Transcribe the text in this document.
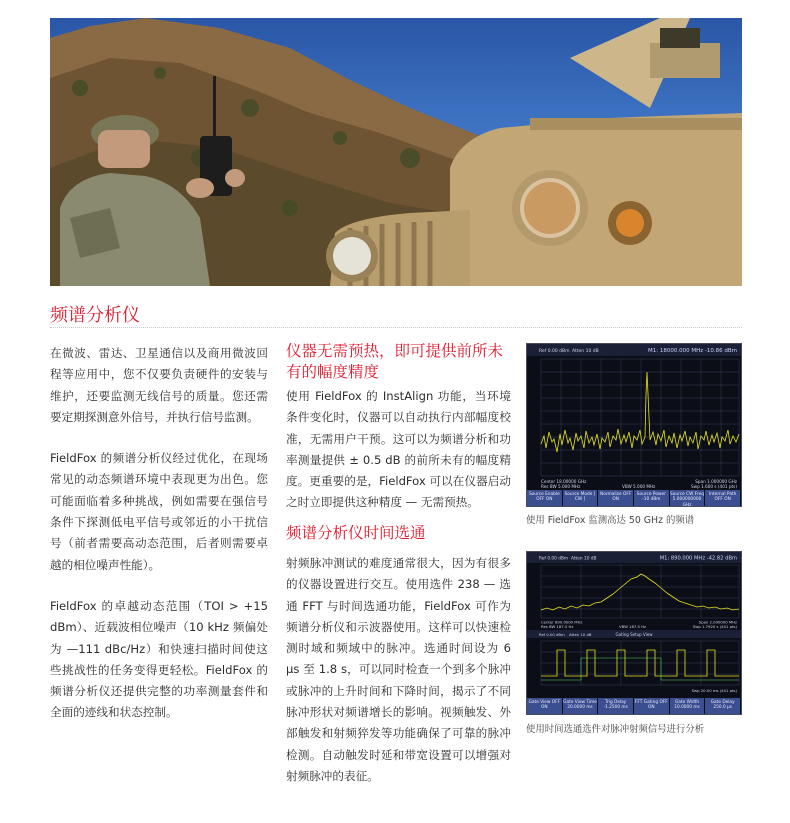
频谱分析仪

在微波、雷达、卫星通信以及商用微波回程等应用中，您不仅要负责硬件的安装与维护，还要监测无线信号的质量。您还需要定期探测意外信号，并执行信号监测。

FieldFox 的频谱分析仪经过优化，在现场常见的动态频谱环境中表现更为出色。您可能面临着多种挑战，例如需要在强信号条件下探测低电平信号或邻近的小干扰信号（前者需要高动态范围，后者则需要卓越的相位噪声性能）。

FieldFox 的卓越动态范围（TOI > +15 dBm）、近载波相位噪声（10 kHz 频偏处为 —111 dBc/Hz）和快速扫描时间使这些挑战性的任务变得更轻松。FieldFox 的频谱分析仪还提供完整的功率测量套件和全面的迹线和状态控制。

仪器无需预热，即可提供前所未有的幅度精度

使用 FieldFox 的 InstAlign 功能，当环境条件变化时，仪器可以自动执行内部幅度校准，无需用户干预。这可以为频谱分析和功率测量提供 ± 0.5 dB 的前所未有的幅度精度。更重要的是，FieldFox 可以在仪器启动之时立即提供这种精度 — 无需预热。

频谱分析仪时间选通

射频脉冲测试的难度通常很大，因为有很多的仪器设置进行交互。使用选件 238 — 选通 FFT 与时间选通功能，FieldFox 可作为频谱分析仪和示波器使用。这样可以快速检测时域和频域中的脉冲。选通时间设为 6 μs 至 1.8 s，可以同时检查一个到多个脉冲或脉冲的上升时间和下降时间，揭示了不同脉冲形状对频谱增长的影响。视频触发、外部触发和射频猝发等功能确保了可靠的脉冲检测。自动触发时延和带宽设置可以增强对射频脉冲的表征。

Ref 0.00 dBm Atten 10 dB	M1: 18000.000 MHz -10.86 dBm
Center 18.00000 GHz
Res BW 5.000 MHz	VBW 5.000 MHz
Span 1.000000 GHz
Swp 1.600 s (401 pts)
Source Enable OFF ON
Source Mode [ CW ]
Normalize OFF ON
Source Power -10 dBm
Source CW Freq 5.000000000 GHz
Internal Path OFF ON

使用 FieldFox 监测高达 50 GHz 的频谱

Ref 0.00 dBm Atten 10 dB	M1: 890.000 MHz -42.82 dBm
Center 890.0000 MHz
Res BW 187.5 Hz	VBW 187.5 Hz
Span 2.000000 MHz
Swp 1.7920 s (401 pts)
Ref 0.00 dBm Atten 10 dB	Gating Setup View
Swp 20.00 ms (401 pts)
Gate View OFF ON
Gate View Time 20.0000 ms
Trig Delay -1.2500 ms
FFT Gating OFF ON
Gate Width 10.0000 ms
Gate Delay 250.0 μs

使用时间选通选件对脉冲射频信号进行分析
